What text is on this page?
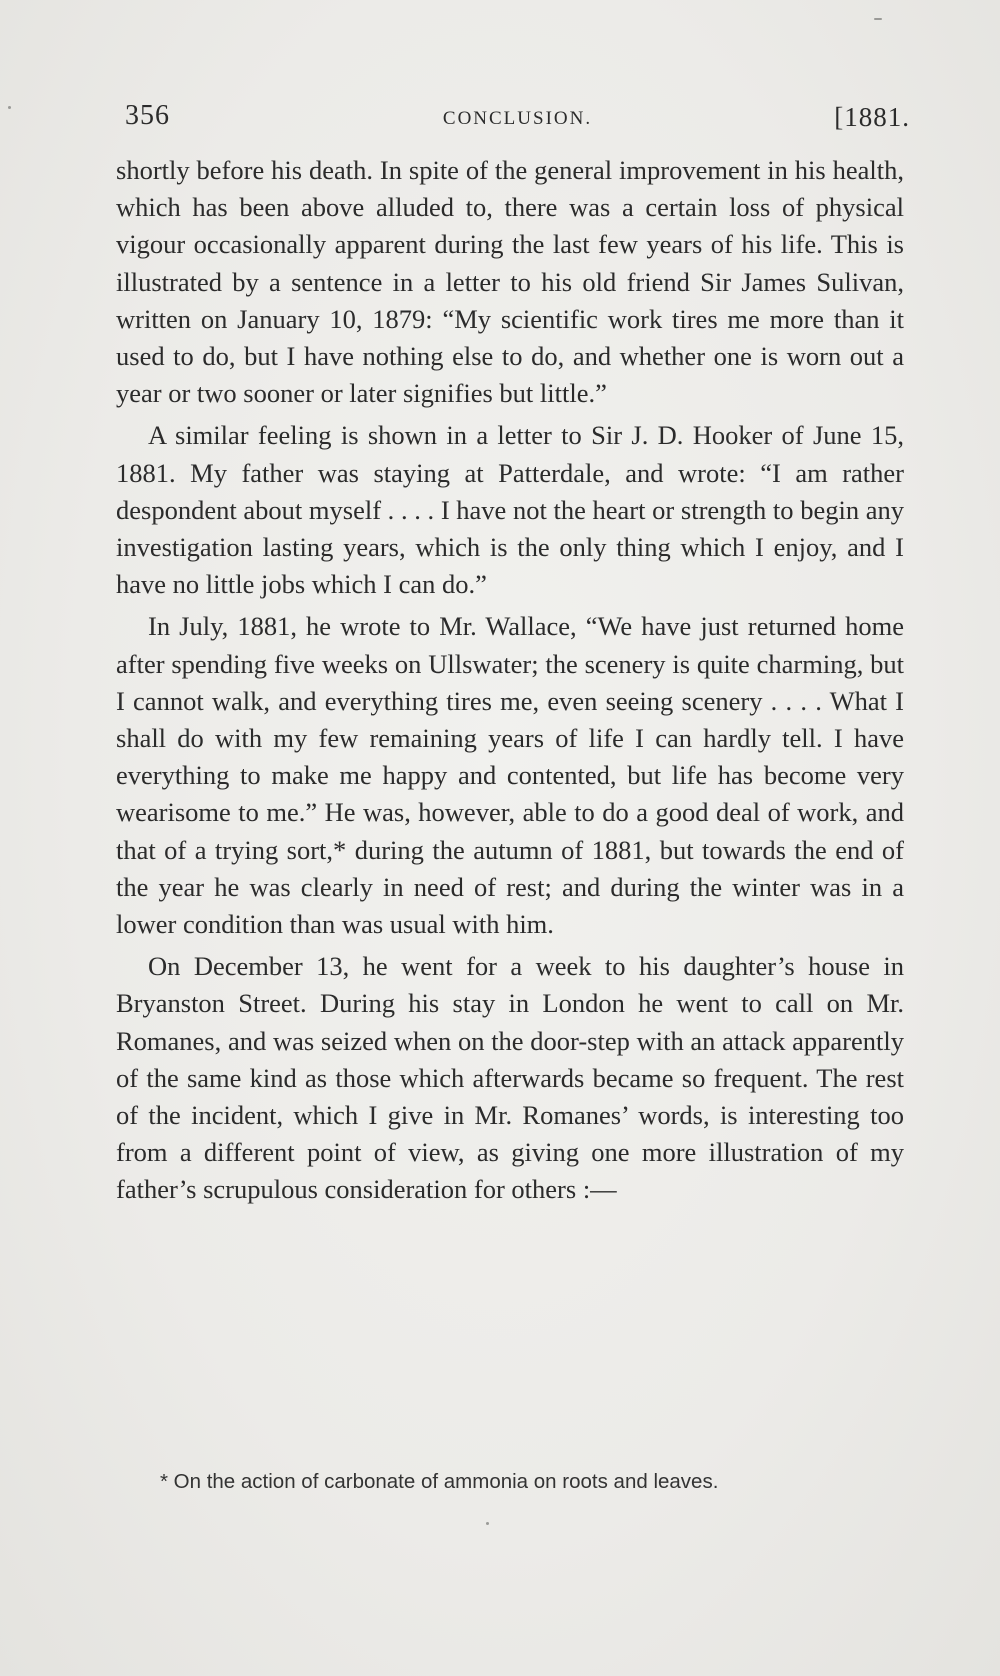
356	CONCLUSION.	[1881.

shortly before his death. In spite of the general improvement in his health, which has been above alluded to, there was a certain loss of physical vigour occasionally apparent during the last few years of his life. This is illustrated by a sentence in a letter to his old friend Sir James Sulivan, written on January 10, 1879: “My scientific work tires me more than it used to do, but I have nothing else to do, and whether one is worn out a year or two sooner or later signifies but little.”

A similar feeling is shown in a letter to Sir J. D. Hooker of June 15, 1881. My father was staying at Patterdale, and wrote: “I am rather despondent about myself . . . . I have not the heart or strength to begin any investigation lasting years, which is the only thing which I enjoy, and I have no little jobs which I can do.”

In July, 1881, he wrote to Mr. Wallace, “We have just returned home after spending five weeks on Ullswater; the scenery is quite charming, but I cannot walk, and everything tires me, even seeing scenery . . . . What I shall do with my few remaining years of life I can hardly tell. I have everything to make me happy and contented, but life has become very wearisome to me.” He was, however, able to do a good deal of work, and that of a trying sort,* during the autumn of 1881, but towards the end of the year he was clearly in need of rest; and during the winter was in a lower condition than was usual with him.

On December 13, he went for a week to his daughter’s house in Bryanston Street. During his stay in London he went to call on Mr. Romanes, and was seized when on the door-step with an attack apparently of the same kind as those which afterwards became so frequent. The rest of the incident, which I give in Mr. Romanes’ words, is interesting too from a different point of view, as giving one more illustration of my father’s scrupulous consideration for others :—

* On the action of carbonate of ammonia on roots and leaves.
